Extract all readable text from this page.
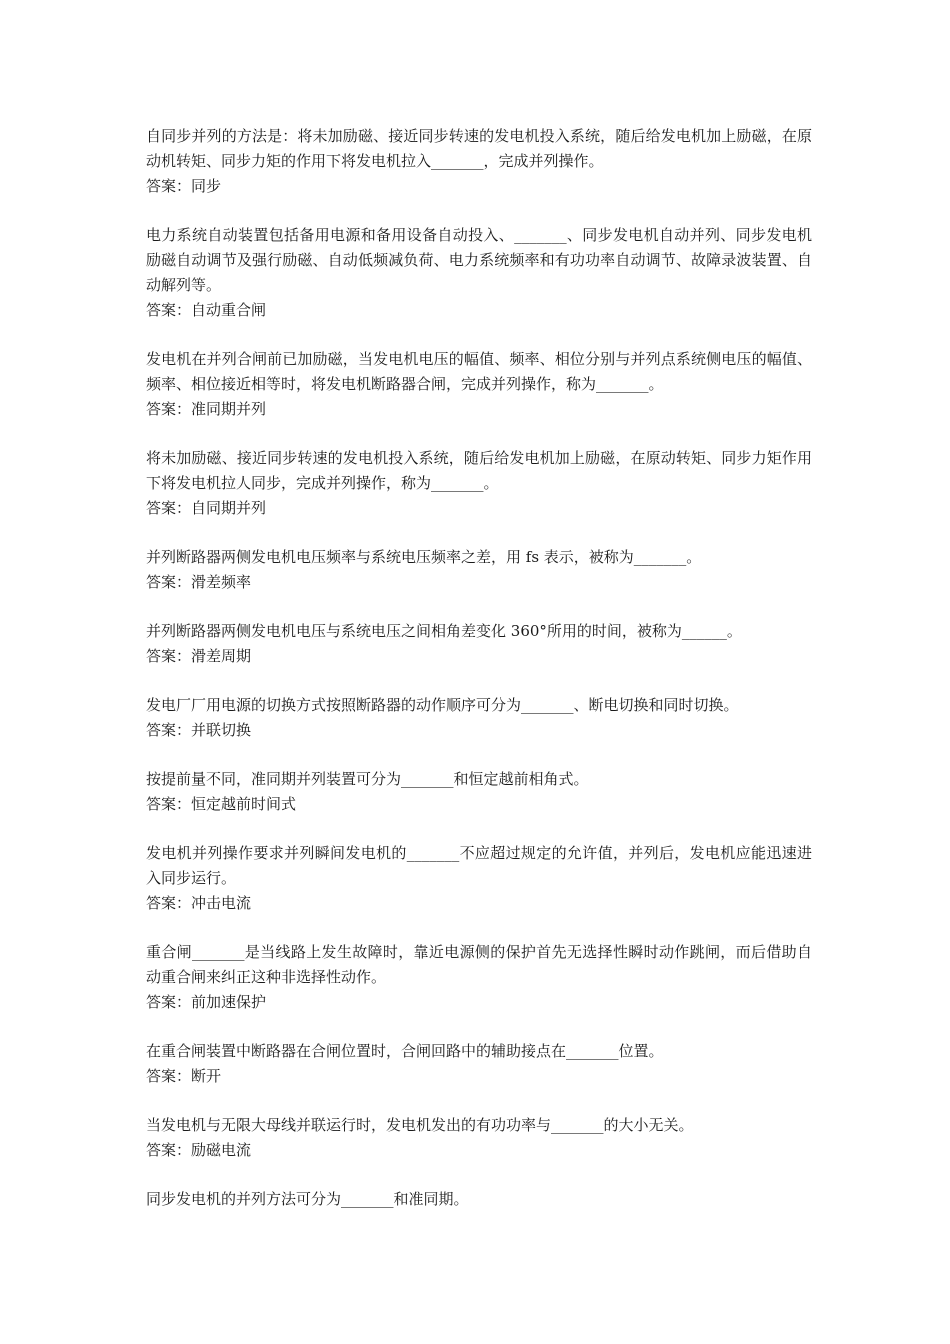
自同步并列的方法是：将未加励磁、接近同步转速的发电机投入系统，随后给发电机加上励磁，在原动机转矩、同步力矩的作用下将发电机拉入_______，完成并列操作。

答案：同步

电力系统自动装置包括备用电源和备用设备自动投入、_______、同步发电机自动并列、同步发电机励磁自动调节及强行励磁、自动低频减负荷、电力系统频率和有功功率自动调节、故障录波装置、自动解列等。

答案：自动重合闸

发电机在并列合闸前已加励磁，当发电机电压的幅值、频率、相位分别与并列点系统侧电压的幅值、频率、相位接近相等时，将发电机断路器合闸，完成并列操作，称为_______。

答案：准同期并列

将未加励磁、接近同步转速的发电机投入系统，随后给发电机加上励磁，在原动转矩、同步力矩作用下将发电机拉人同步，完成并列操作，称为_______。

答案：自同期并列

并列断路器两侧发电机电压频率与系统电压频率之差，用 fs 表示，被称为_______。

答案：滑差频率

并列断路器两侧发电机电压与系统电压之间相角差变化 360°所用的时间，被称为______。

答案：滑差周期

发电厂厂用电源的切换方式按照断路器的动作顺序可分为_______、断电切换和同时切换。

答案：并联切换

按提前量不同，准同期并列装置可分为_______和恒定越前相角式。

答案：恒定越前时间式

发电机并列操作要求并列瞬间发电机的_______不应超过规定的允许值，并列后，发电机应能迅速进入同步运行。

答案：冲击电流

重合闸_______是当线路上发生故障时，靠近电源侧的保护首先无选择性瞬时动作跳闸，而后借助自动重合闸来纠正这种非选择性动作。

答案：前加速保护

在重合闸装置中断路器在合闸位置时，合闸回路中的辅助接点在_______位置。

答案：断开

当发电机与无限大母线并联运行时，发电机发出的有功功率与_______的大小无关。

答案：励磁电流

同步发电机的并列方法可分为_______和准同期。
